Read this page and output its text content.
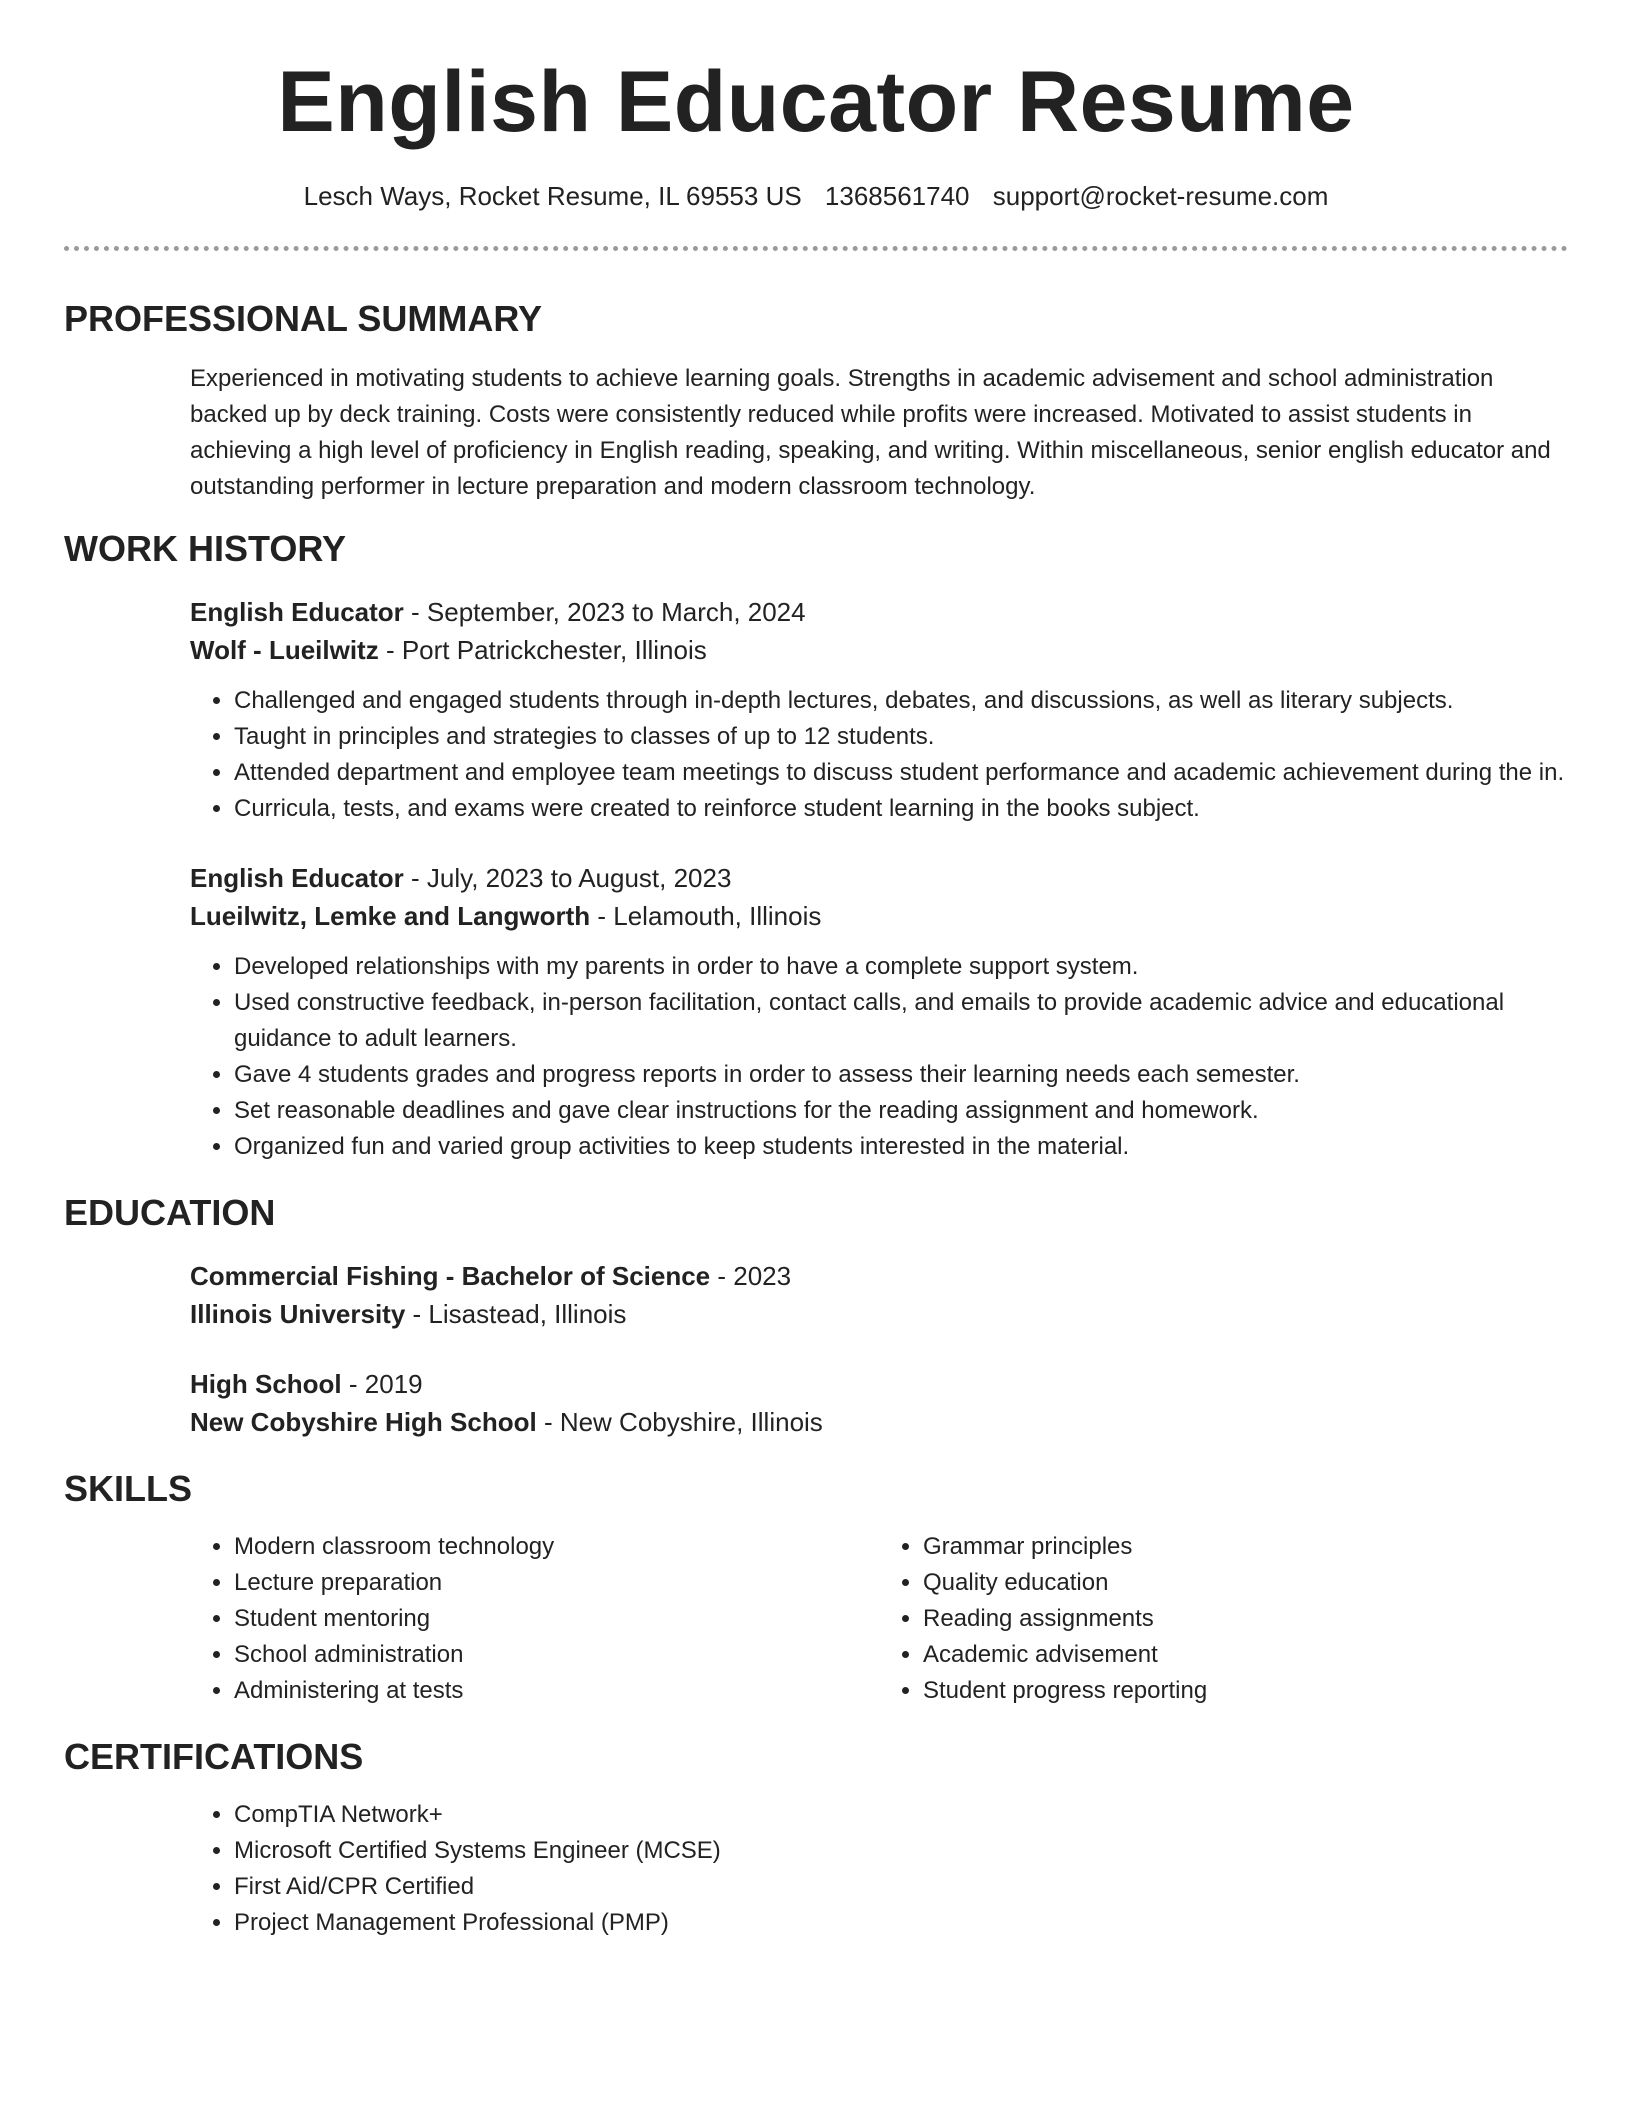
English Educator Resume
Lesch Ways, Rocket Resume, IL 69553 US 1368561740 support@rocket-resume.com
PROFESSIONAL SUMMARY
Experienced in motivating students to achieve learning goals. Strengths in academic advisement and school administration backed up by deck training. Costs were consistently reduced while profits were increased. Motivated to assist students in achieving a high level of proficiency in English reading, speaking, and writing. Within miscellaneous, senior english educator and outstanding performer in lecture preparation and modern classroom technology.
WORK HISTORY
English Educator - September, 2023 to March, 2024
Wolf - Lueilwitz - Port Patrickchester, Illinois
• Challenged and engaged students through in-depth lectures, debates, and discussions, as well as literary subjects.
• Taught in principles and strategies to classes of up to 12 students.
• Attended department and employee team meetings to discuss student performance and academic achievement during the in.
• Curricula, tests, and exams were created to reinforce student learning in the books subject.
English Educator - July, 2023 to August, 2023
Lueilwitz, Lemke and Langworth - Lelamouth, Illinois
• Developed relationships with my parents in order to have a complete support system.
• Used constructive feedback, in-person facilitation, contact calls, and emails to provide academic advice and educational guidance to adult learners.
• Gave 4 students grades and progress reports in order to assess their learning needs each semester.
• Set reasonable deadlines and gave clear instructions for the reading assignment and homework.
• Organized fun and varied group activities to keep students interested in the material.
EDUCATION
Commercial Fishing - Bachelor of Science - 2023
Illinois University - Lisastead, Illinois
High School - 2019
New Cobyshire High School - New Cobyshire, Illinois
SKILLS
• Modern classroom technology
• Lecture preparation
• Student mentoring
• School administration
• Administering at tests
• Grammar principles
• Quality education
• Reading assignments
• Academic advisement
• Student progress reporting
CERTIFICATIONS
• CompTIA Network+
• Microsoft Certified Systems Engineer (MCSE)
• First Aid/CPR Certified
• Project Management Professional (PMP)
